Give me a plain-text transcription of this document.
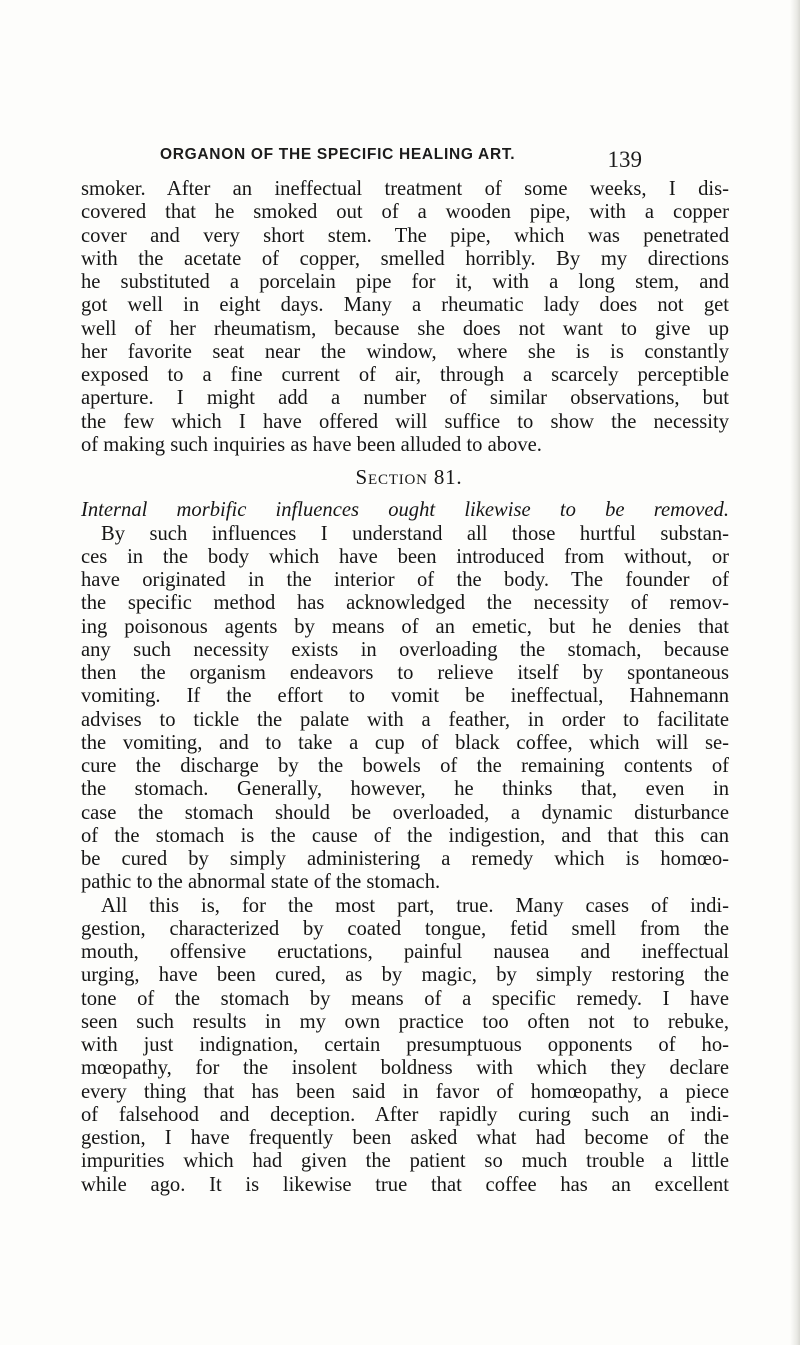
ORGANON OF THE SPECIFIC HEALING ART.	139
smoker. After an ineffectual treatment of some weeks, I dis-
covered that he smoked out of a wooden pipe, with a copper
cover and very short stem. The pipe, which was penetrated
with the acetate of copper, smelled horribly. By my directions
he substituted a porcelain pipe for it, with a long stem, and
got well in eight days. Many a rheumatic lady does not get
well of her rheumatism, because she does not want to give up
her favorite seat near the window, where she is is constantly
exposed to a fine current of air, through a scarcely perceptible
aperture. I might add a number of similar observations, but
the few which I have offered will suffice to show the necessity
of making such inquiries as have been alluded to above.
Section 81.
Internal morbific influences ought likewise to be removed.
By such influences I understand all those hurtful substan-
ces in the body which have been introduced from without, or
have originated in the interior of the body. The founder of
the specific method has acknowledged the necessity of remov-
ing poisonous agents by means of an emetic, but he denies that
any such necessity exists in overloading the stomach, because
then the organism endeavors to relieve itself by spontaneous
vomiting. If the effort to vomit be ineffectual, Hahnemann
advises to tickle the palate with a feather, in order to facilitate
the vomiting, and to take a cup of black coffee, which will se-
cure the discharge by the bowels of the remaining contents of
the stomach. Generally, however, he thinks that, even in
case the stomach should be overloaded, a dynamic disturbance
of the stomach is the cause of the indigestion, and that this can
be cured by simply administering a remedy which is homœo-
pathic to the abnormal state of the stomach.
All this is, for the most part, true. Many cases of indi-
gestion, characterized by coated tongue, fetid smell from the
mouth, offensive eructations, painful nausea and ineffectual
urging, have been cured, as by magic, by simply restoring the
tone of the stomach by means of a specific remedy. I have
seen such results in my own practice too often not to rebuke,
with just indignation, certain presumptuous opponents of ho-
mœopathy, for the insolent boldness with which they declare
every thing that has been said in favor of homœopathy, a piece
of falsehood and deception. After rapidly curing such an indi-
gestion, I have frequently been asked what had become of the
impurities which had given the patient so much trouble a little
while ago. It is likewise true that coffee has an excellent
